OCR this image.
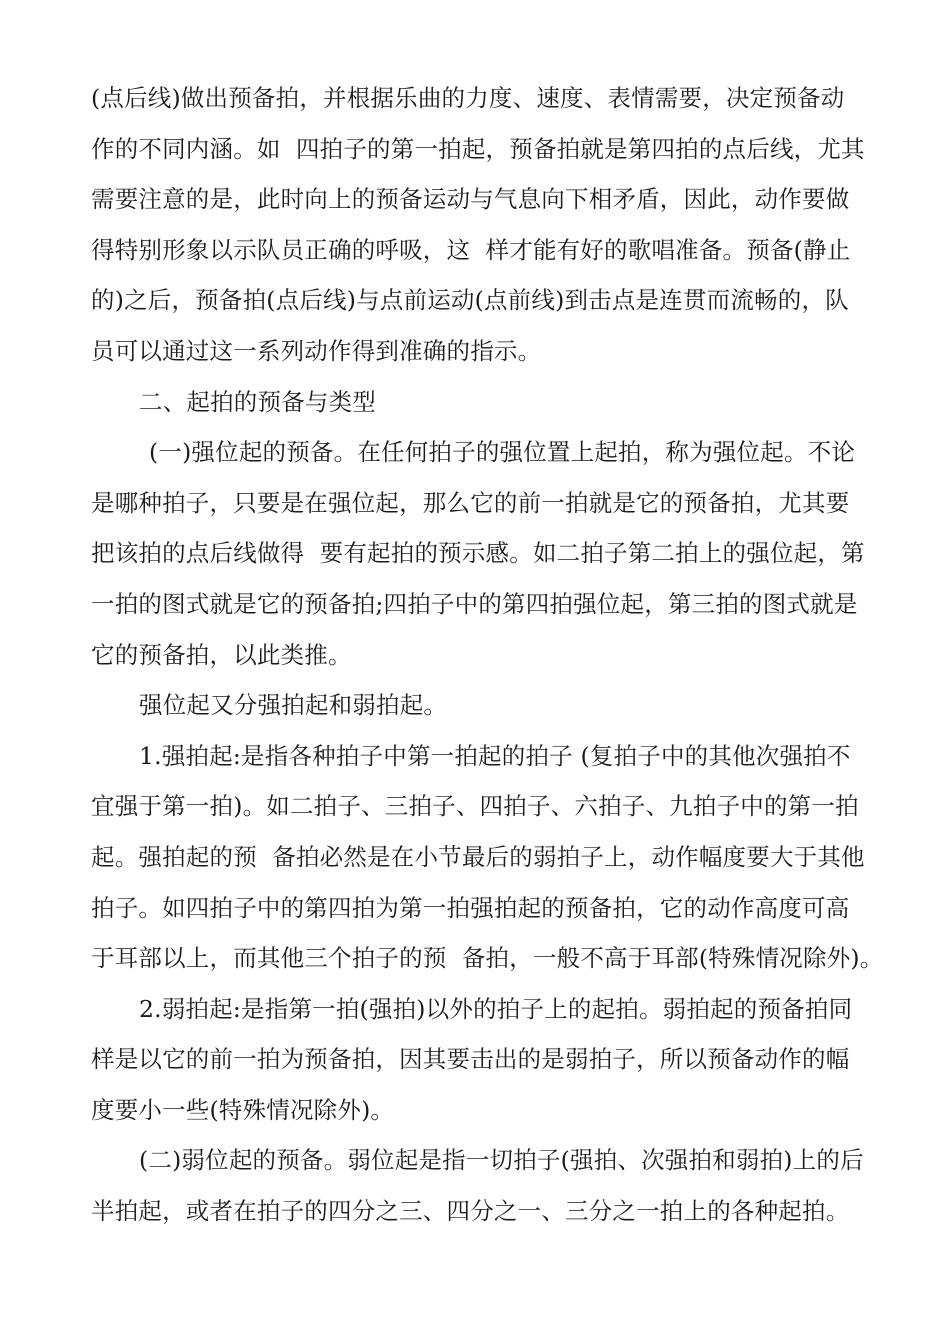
(点后线)做出预备拍，并根据乐曲的力度、速度、表情需要，决定预备动
作的不同内涵。如  四拍子的第一拍起，预备拍就是第四拍的点后线，尤其
需要注意的是，此时向上的预备运动与气息向下相矛盾，因此，动作要做
得特别形象以示队员正确的呼吸，这  样才能有好的歌唱准备。预备(静止
的)之后，预备拍(点后线)与点前运动(点前线)到击点是连贯而流畅的，队
员可以通过这一系列动作得到准确的指示。
二、起拍的预备与类型
(一)强位起的预备。在任何拍子的强位置上起拍，称为强位起。不论
是哪种拍子，只要是在强位起，那么它的前一拍就是它的预备拍，尤其要
把该拍的点后线做得  要有起拍的预示感。如二拍子第二拍上的强位起，第
一拍的图式就是它的预备拍;四拍子中的第四拍强位起，第三拍的图式就是
它的预备拍，以此类推。
强位起又分强拍起和弱拍起。
1.强拍起:是指各种拍子中第一拍起的拍子 (复拍子中的其他次强拍不
宜强于第一拍)。如二拍子、三拍子、四拍子、六拍子、九拍子中的第一拍
起。强拍起的预  备拍必然是在小节最后的弱拍子上，动作幅度要大于其他
拍子。如四拍子中的第四拍为第一拍强拍起的预备拍，它的动作高度可高
于耳部以上，而其他三个拍子的预  备拍，一般不高于耳部(特殊情况除外)。
2.弱拍起:是指第一拍(强拍)以外的拍子上的起拍。弱拍起的预备拍同
样是以它的前一拍为预备拍，因其要击出的是弱拍子，所以预备动作的幅
度要小一些(特殊情况除外)。
(二)弱位起的预备。弱位起是指一切拍子(强拍、次强拍和弱拍)上的后
半拍起，或者在拍子的四分之三、四分之一、三分之一拍上的各种起拍。
